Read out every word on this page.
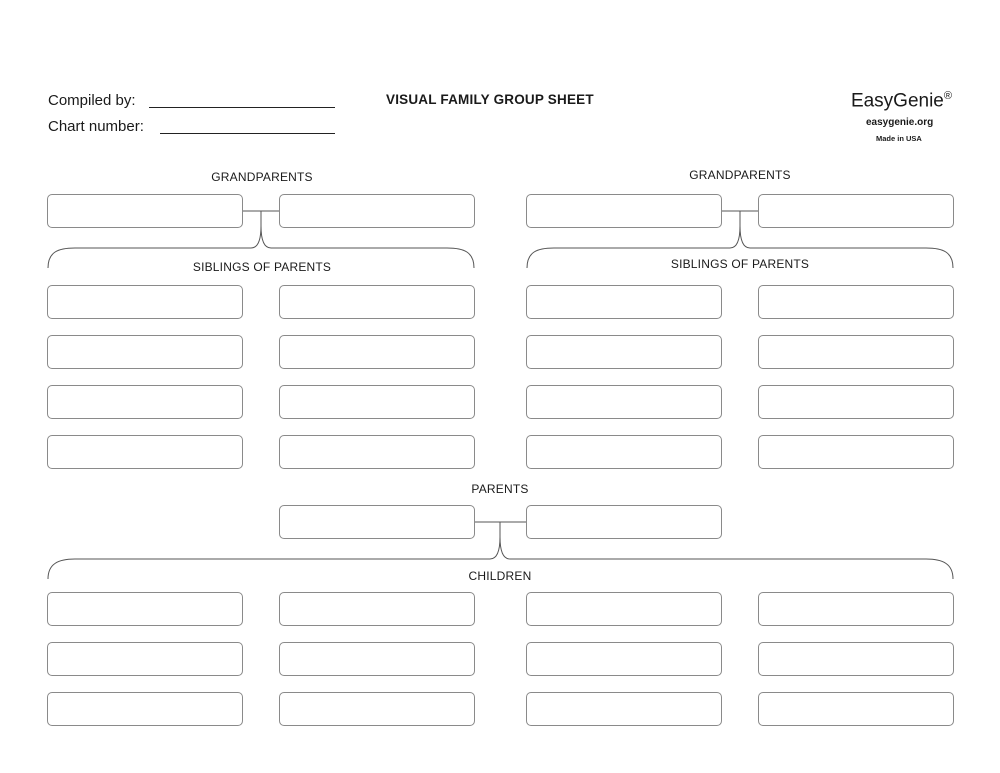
Compiled by:
Chart number:
VISUAL FAMILY GROUP SHEET	EasyGenie®
easygenie.org
Made in USA
GRANDPARENTS	GRANDPARENTS
SIBLINGS OF PARENTS	SIBLINGS OF PARENTS
PARENTS
CHILDREN
